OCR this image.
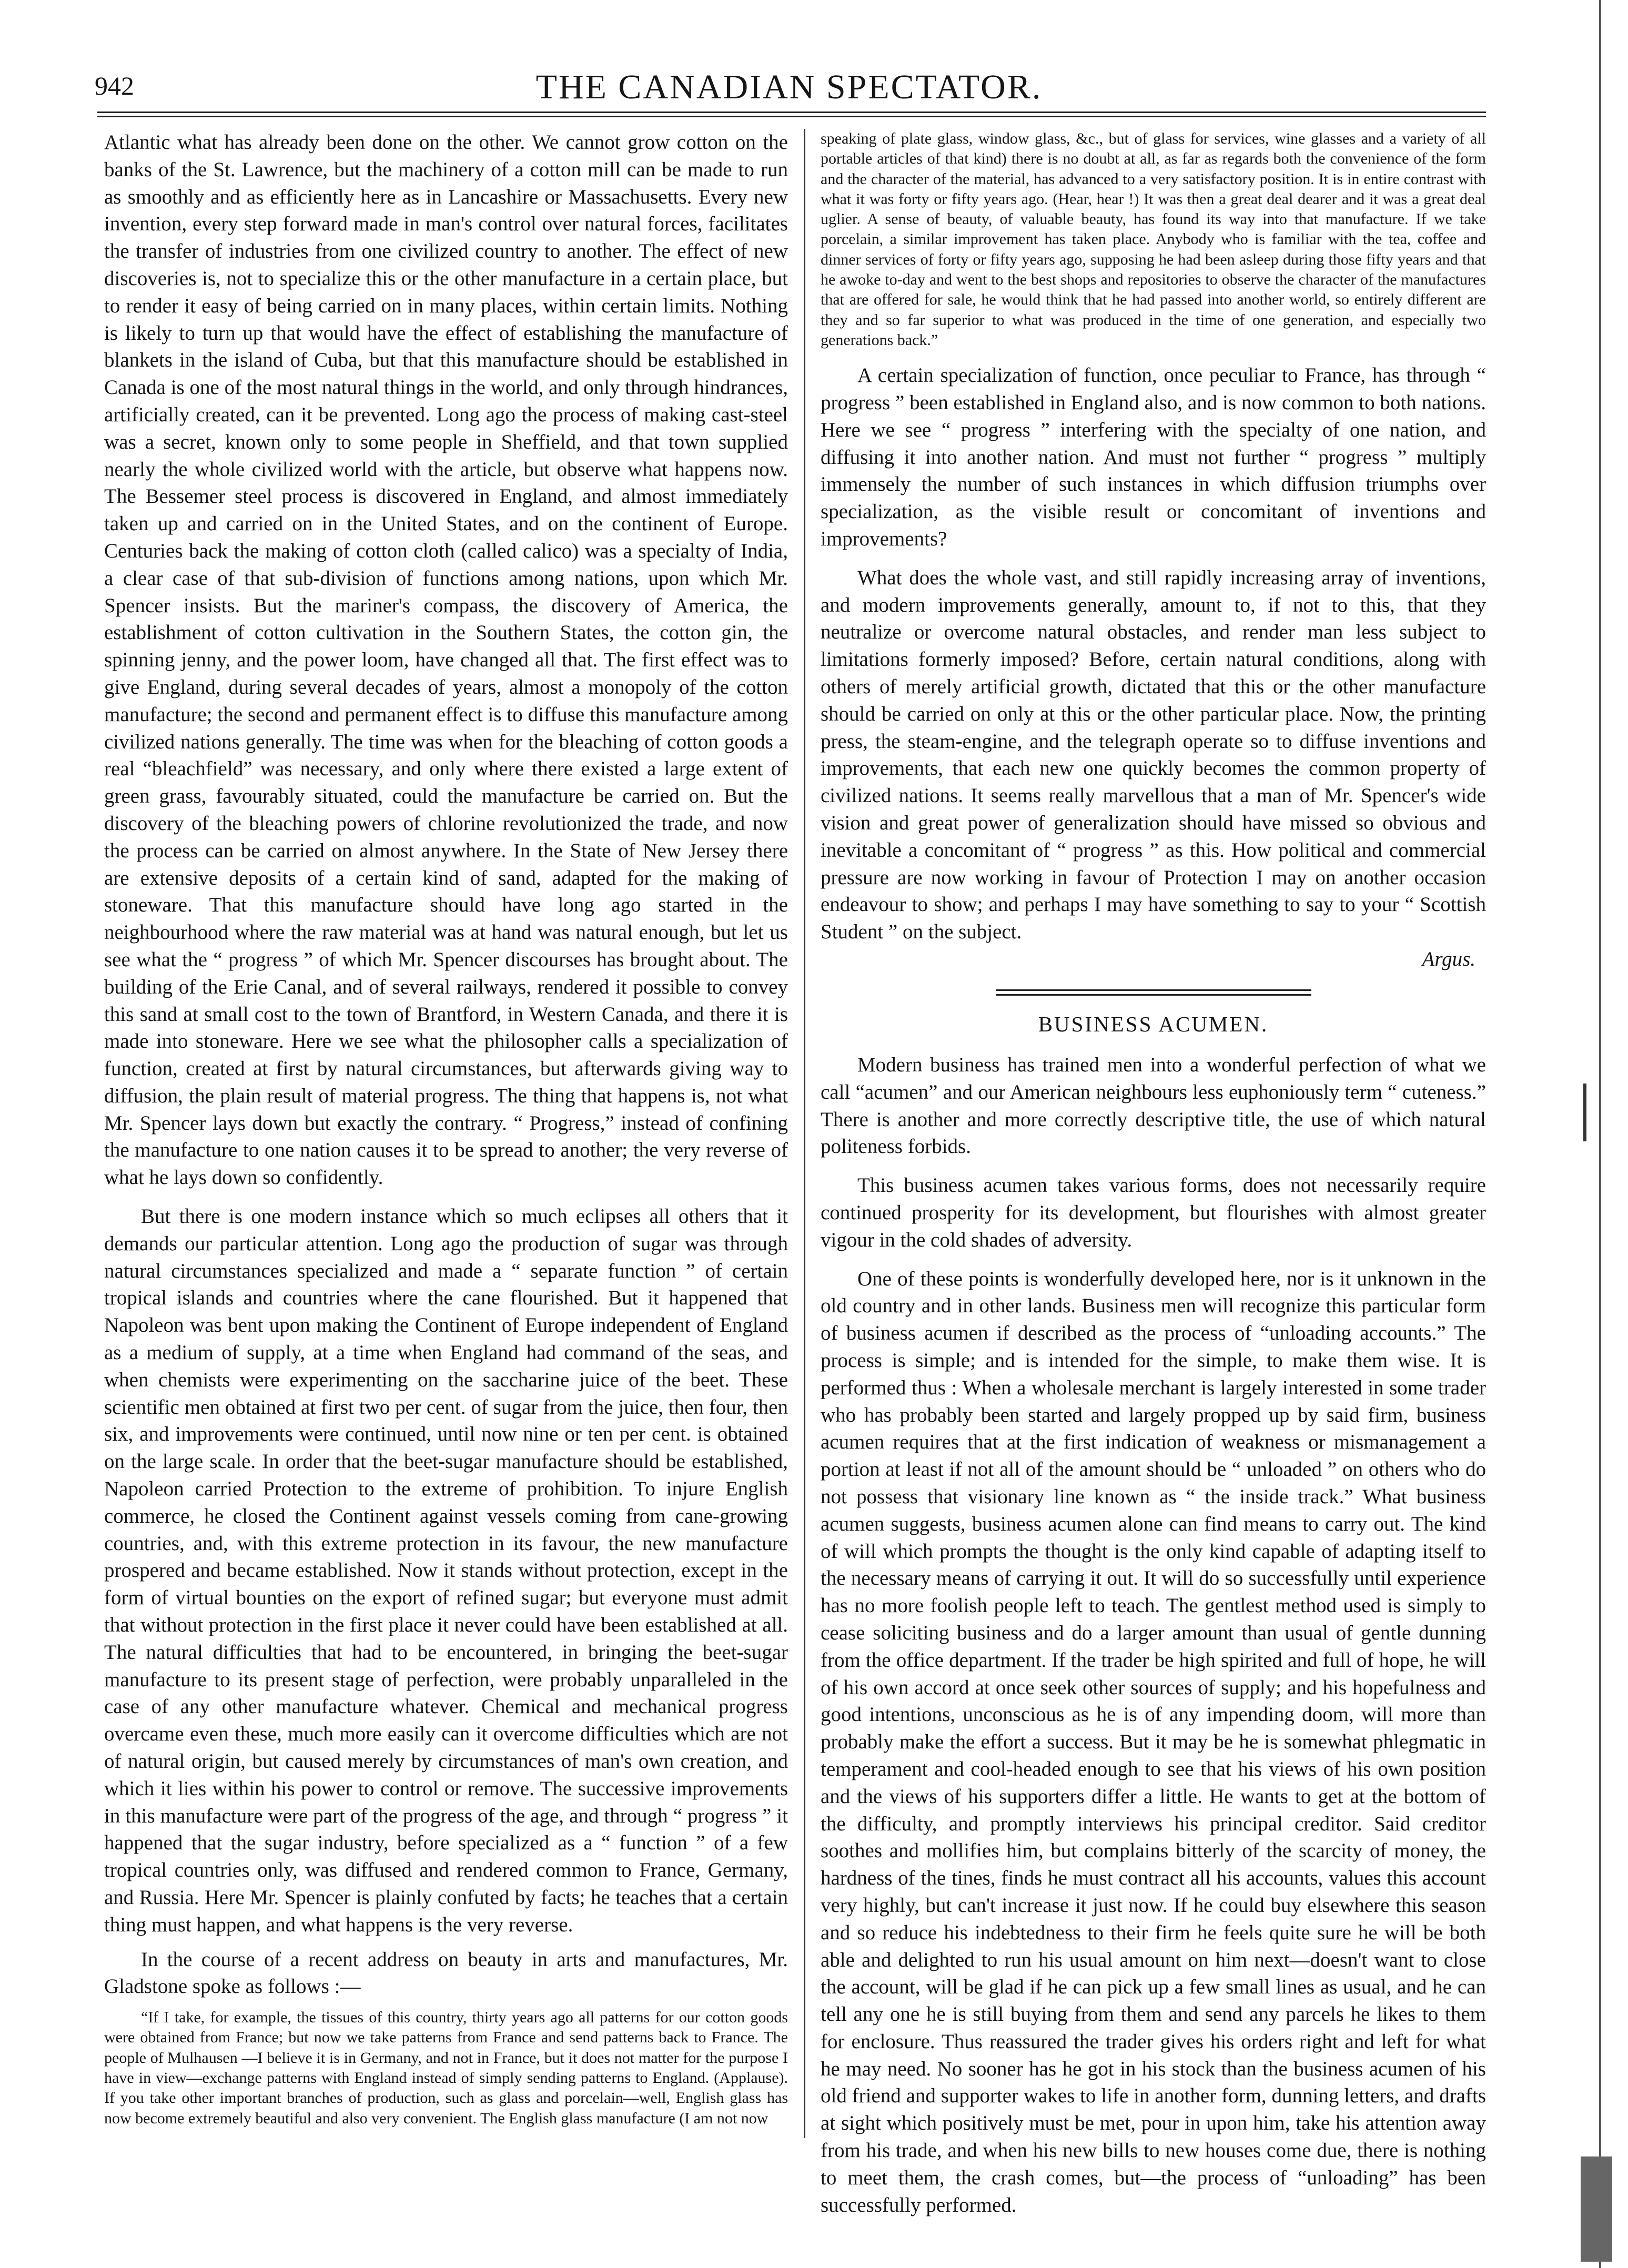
942	THE CANADIAN SPECTATOR.

Atlantic what has already been done on the other. We cannot grow cotton on the banks of the St. Lawrence, but the machinery of a cotton mill can be made to run as smoothly and as efficiently here as in Lancashire or Massachusetts. Every new invention, every step forward made in man's control over natural forces, facilitates the transfer of industries from one civilized country to another. The effect of new discoveries is, not to specialize this or the other manufacture in a certain place, but to render it easy of being carried on in many places, within certain limits. Nothing is likely to turn up that would have the effect of establishing the manufacture of blankets in the island of Cuba, but that this manufacture should be established in Canada is one of the most natural things in the world, and only through hindrances, artificially created, can it be prevented. Long ago the process of making cast-steel was a secret, known only to some people in Sheffield, and that town supplied nearly the whole civilized world with the article, but observe what happens now. The Bessemer steel process is discovered in England, and almost immediately taken up and carried on in the United States, and on the continent of Europe. Centuries back the making of cotton cloth (called calico) was a specialty of India, a clear case of that sub-division of functions among nations, upon which Mr. Spencer insists. But the mariner's compass, the discovery of America, the establishment of cotton cultivation in the Southern States, the cotton gin, the spinning jenny, and the power loom, have changed all that. The first effect was to give England, during several decades of years, almost a monopoly of the cotton manufacture; the second and permanent effect is to diffuse this manufacture among civilized nations generally. The time was when for the bleaching of cotton goods a real “bleachfield” was necessary, and only where there existed a large extent of green grass, favourably situated, could the manufacture be carried on. But the discovery of the bleaching powers of chlorine revolutionized the trade, and now the process can be carried on almost anywhere. In the State of New Jersey there are extensive deposits of a certain kind of sand, adapted for the making of stoneware. That this manufacture should have long ago started in the neighbourhood where the raw material was at hand was natural enough, but let us see what the “ progress ” of which Mr. Spencer discourses has brought about. The building of the Erie Canal, and of several railways, rendered it possible to convey this sand at small cost to the town of Brantford, in Western Canada, and there it is made into stoneware. Here we see what the philosopher calls a specialization of function, created at first by natural circumstances, but afterwards giving way to diffusion, the plain result of material progress. The thing that happens is, not what Mr. Spencer lays down but exactly the contrary. “ Progress,” instead of confining the manufacture to one nation causes it to be spread to another; the very reverse of what he lays down so confidently.

But there is one modern instance which so much eclipses all others that it demands our particular attention. Long ago the production of sugar was through natural circumstances specialized and made a “ separate function ” of certain tropical islands and countries where the cane flourished. But it happened that Napoleon was bent upon making the Continent of Europe independent of England as a medium of supply, at a time when England had command of the seas, and when chemists were experimenting on the saccharine juice of the beet. These scientific men obtained at first two per cent. of sugar from the juice, then four, then six, and improvements were continued, until now nine or ten per cent. is obtained on the large scale. In order that the beet-sugar manufacture should be established, Napoleon carried Protection to the extreme of prohibition. To injure English commerce, he closed the Continent against vessels coming from cane-growing countries, and, with this extreme protection in its favour, the new manufacture prospered and became established. Now it stands without protection, except in the form of virtual bounties on the export of refined sugar; but everyone must admit that without protection in the first place it never could have been established at all. The natural difficulties that had to be encountered, in bringing the beet-sugar manufacture to its present stage of perfection, were probably unparalleled in the case of any other manufacture whatever. Chemical and mechanical progress overcame even these, much more easily can it overcome difficulties which are not of natural origin, but caused merely by circumstances of man's own creation, and which it lies within his power to control or remove. The successive improvements in this manufacture were part of the progress of the age, and through “ progress ” it happened that the sugar industry, before specialized as a “ function ” of a few tropical countries only, was diffused and rendered common to France, Germany, and Russia. Here Mr. Spencer is plainly confuted by facts; he teaches that a certain thing must happen, and what happens is the very reverse.

In the course of a recent address on beauty in arts and manufactures, Mr. Gladstone spoke as follows :—

“If I take, for example, the tissues of this country, thirty years ago all patterns for our cotton goods were obtained from France; but now we take patterns from France and send patterns back to France. The people of Mulhausen —I believe it is in Germany, and not in France, but it does not matter for the purpose I have in view—exchange patterns with England instead of simply sending patterns to England. (Applause). If you take other important branches of production, such as glass and porcelain—well, English glass has now become extremely beautiful and also very convenient. The English glass manufacture (I am not now

speaking of plate glass, window glass, &c., but of glass for services, wine glasses and a variety of all portable articles of that kind) there is no doubt at all, as far as regards both the convenience of the form and the character of the material, has advanced to a very satisfactory position. It is in entire contrast with what it was forty or fifty years ago. (Hear, hear !) It was then a great deal dearer and it was a great deal uglier. A sense of beauty, of valuable beauty, has found its way into that manufacture. If we take porcelain, a similar improvement has taken place. Anybody who is familiar with the tea, coffee and dinner services of forty or fifty years ago, supposing he had been asleep during those fifty years and that he awoke to-day and went to the best shops and repositories to observe the character of the manufactures that are offered for sale, he would think that he had passed into another world, so entirely different are they and so far superior to what was produced in the time of one generation, and especially two generations back.”

A certain specialization of function, once peculiar to France, has through “ progress ” been established in England also, and is now common to both nations. Here we see “ progress ” interfering with the specialty of one nation, and diffusing it into another nation. And must not further “ progress ” multiply immensely the number of such instances in which diffusion triumphs over specialization, as the visible result or concomitant of inventions and improvements?

What does the whole vast, and still rapidly increasing array of inventions, and modern improvements generally, amount to, if not to this, that they neutralize or overcome natural obstacles, and render man less subject to limitations formerly imposed? Before, certain natural conditions, along with others of merely artificial growth, dictated that this or the other manufacture should be carried on only at this or the other particular place. Now, the printing press, the steam-engine, and the telegraph operate so to diffuse inventions and improvements, that each new one quickly becomes the common property of civilized nations. It seems really marvellous that a man of Mr. Spencer's wide vision and great power of generalization should have missed so obvious and inevitable a concomitant of “ progress ” as this. How political and commercial pressure are now working in favour of Protection I may on another occasion endeavour to show; and perhaps I may have something to say to your “ Scottish Student ” on the subject.

Argus.

BUSINESS ACUMEN.

Modern business has trained men into a wonderful perfection of what we call “acumen” and our American neighbours less euphoniously term “ cuteness.” There is another and more correctly descriptive title, the use of which natural politeness forbids.

This business acumen takes various forms, does not necessarily require continued prosperity for its development, but flourishes with almost greater vigour in the cold shades of adversity.

One of these points is wonderfully developed here, nor is it unknown in the old country and in other lands. Business men will recognize this particular form of business acumen if described as the process of “unloading accounts.” The process is simple; and is intended for the simple, to make them wise. It is performed thus : When a wholesale merchant is largely interested in some trader who has probably been started and largely propped up by said firm, business acumen requires that at the first indication of weakness or mismanagement a portion at least if not all of the amount should be “ unloaded ” on others who do not possess that visionary line known as “ the inside track.” What business acumen suggests, business acumen alone can find means to carry out. The kind of will which prompts the thought is the only kind capable of adapting itself to the necessary means of carrying it out. It will do so successfully until experience has no more foolish people left to teach. The gentlest method used is simply to cease soliciting business and do a larger amount than usual of gentle dunning from the office department. If the trader be high spirited and full of hope, he will of his own accord at once seek other sources of supply; and his hopefulness and good intentions, unconscious as he is of any impending doom, will more than probably make the effort a success. But it may be he is somewhat phlegmatic in temperament and cool-headed enough to see that his views of his own position and the views of his supporters differ a little. He wants to get at the bottom of the difficulty, and promptly interviews his principal creditor. Said creditor soothes and mollifies him, but complains bitterly of the scarcity of money, the hardness of the tines, finds he must contract all his accounts, values this account very highly, but can't increase it just now. If he could buy elsewhere this season and so reduce his indebtedness to their firm he feels quite sure he will be both able and delighted to run his usual amount on him next—doesn't want to close the account, will be glad if he can pick up a few small lines as usual, and he can tell any one he is still buying from them and send any parcels he likes to them for enclosure. Thus reassured the trader gives his orders right and left for what he may need. No sooner has he got in his stock than the business acumen of his old friend and supporter wakes to life in another form, dunning letters, and drafts at sight which positively must be met, pour in upon him, take his attention away from his trade, and when his new bills to new houses come due, there is nothing to meet them, the crash comes, but—the process of “unloading” has been successfully performed.
